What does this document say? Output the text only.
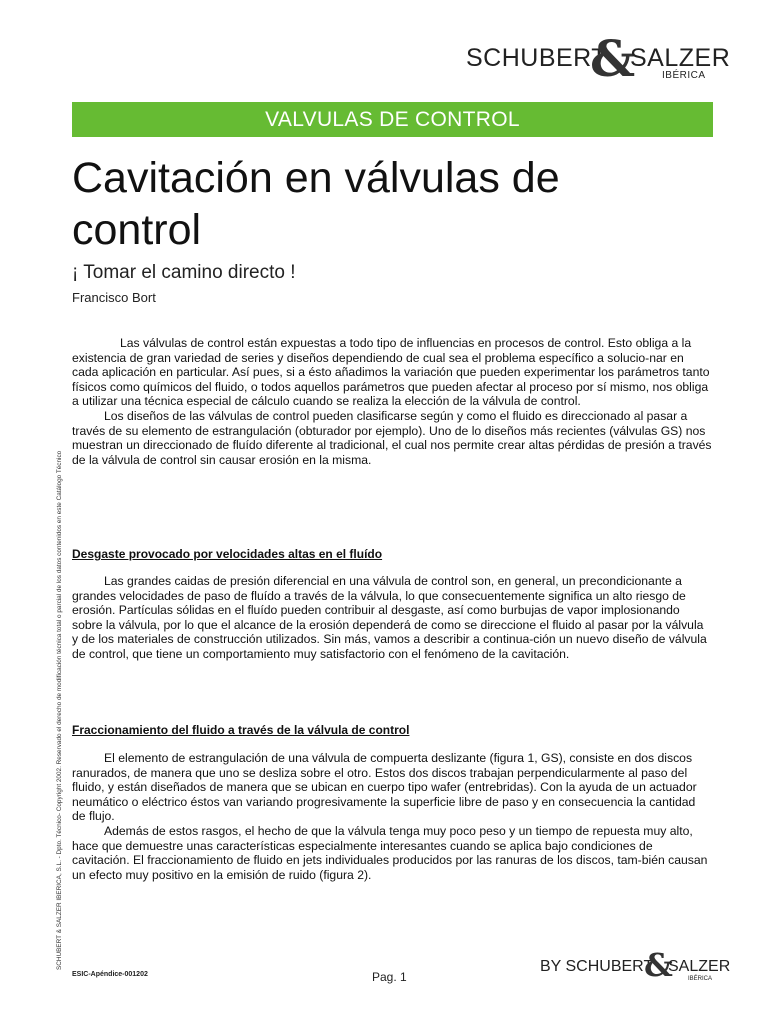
SCHUBERT
&
SALZER
IBÉRICA
VALVULAS DE CONTROL
Cavitación en válvulas de control
¡ Tomar el camino directo !
Francisco Bort

Las válvulas de control están expuestas a todo tipo de influencias en procesos de control. Esto obliga a la existencia de gran variedad de series y diseños dependiendo de cual sea el problema específico a solucio-nar en cada aplicación en particular. Así pues, si a ésto añadimos la variación que pueden experimentar los parámetros tanto físicos como químicos del fluido, o todos aquellos parámetros que pueden afectar al proceso por sí mismo, nos obliga a utilizar una técnica especial de cálculo cuando se realiza la elección de la válvula de control.

Los diseños de las válvulas de control pueden clasificarse según y como el fluido es direccionado al pasar a través de su elemento de estrangulación (obturador por ejemplo). Uno de lo diseños más recientes (válvulas GS) nos muestran un direccionado de fluído diferente al tradicional, el cual nos permite crear altas pérdidas de presión a través de la válvula de control sin causar erosión en la misma.

Desgaste provocado por velocidades altas en el fluído

Las grandes caidas de presión diferencial en una válvula de control son, en general, un precondicionante a grandes velocidades de paso de fluído a través de la válvula, lo que consecuentemente significa un alto riesgo de erosión. Partículas sólidas en el fluído pueden contribuir al desgaste, así como burbujas de vapor implosionando sobre la válvula, por lo que el alcance de la erosión dependerá de como se direccione el fluido al pasar por la válvula y de los materiales de construcción utilizados. Sin más, vamos a describir a continua-ción un nuevo diseño de válvula de control, que tiene un comportamiento muy satisfactorio con el fenómeno de la cavitación.

Fraccionamiento del fluido a través de la válvula de control

El elemento de estrangulación de una válvula de compuerta deslizante (figura 1, GS), consiste en dos discos ranurados, de manera que uno se desliza sobre el otro. Estos dos discos trabajan perpendicularmente al paso del fluido, y están diseñados de manera que se ubican en cuerpo tipo wafer (entrebridas). Con la ayuda de un actuador neumático o eléctrico éstos van variando progresivamente la superficie libre de paso y en consecuencia la cantidad de flujo.

Además de estos rasgos, el hecho de que la válvula tenga muy poco peso y un tiempo de repuesta muy alto, hace que demuestre unas características especialmente interesantes cuando se aplica bajo condiciones de cavitación. El fraccionamiento de fluido en jets individuales producidos por las ranuras de los discos, tam-bién causan un efecto muy positivo en la emisión de ruido (figura 2).

SCHUBERT & SALZER IBERICA, S.L. - Dpto. Técnico- Copyright 2002. Reservado el derecho de modificación técnica total o parcial de los datos contenidos en este Catálogo Técnico
ESIC-Apéndice-001202	Pag. 1
BY SCHUBERT
&
SALZER
IBÉRICA
